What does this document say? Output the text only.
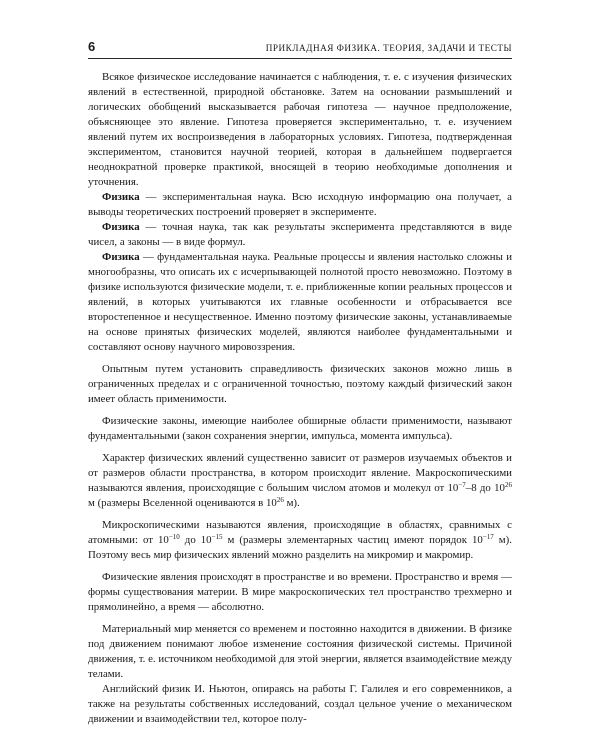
6	ПРИКЛАДНАЯ ФИЗИКА. ТЕОРИЯ, ЗАДАЧИ И ТЕСТЫ

Всякое физическое исследование начинается с наблюдения, т. е. с изучения физических явлений в естественной, природной обстановке. Затем на основании размышлений и логических обобщений высказывается рабочая гипотеза — научное предположение, объясняющее это явление. Гипотеза проверяется экспериментально, т. е. изучением явлений путем их воспроизведения в лабораторных условиях. Гипотеза, подтвержденная экспериментом, становится научной теорией, которая в дальнейшем подвергается неоднократной проверке практикой, вносящей в теорию необходимые дополнения и уточнения.

Физика — экспериментальная наука. Всю исходную информацию она получает, а выводы теоретических построений проверяет в эксперименте.

Физика — точная наука, так как результаты эксперимента представляются в виде чисел, а законы — в виде формул.

Физика — фундаментальная наука. Реальные процессы и явления настолько сложны и многообразны, что описать их с исчерпывающей полнотой просто невозможно. Поэтому в физике используются физические модели, т. е. приближенные копии реальных процессов и явлений, в которых учитываются их главные особенности и отбрасывается все второстепенное и несущественное. Именно поэтому физические законы, устанавливаемые на основе принятых физических моделей, являются наиболее фундаментальными и составляют основу научного мировоззрения.

Опытным путем установить справедливость физических законов можно лишь в ограниченных пределах и с ограниченной точностью, поэтому каждый физический закон имеет область применимости.

Физические законы, имеющие наиболее обширные области применимости, называют фундаментальными (закон сохранения энергии, импульса, момента импульса).

Характер физических явлений существенно зависит от размеров изучаемых объектов и от размеров области пространства, в котором происходит явление. Макроскопическими называются явления, происходящие с большим числом атомов и молекул от $10^{-7}-8$ до $10^{26}$ м (размеры Вселенной оцениваются в $10^{26}$ м).

Микроскопическими называются явления, происходящие в областях, сравнимых с атомными: от $10^{-10}$ до $10^{-15}$ м (размеры элементарных частиц имеют порядок $10^{-17}$ м). Поэтому весь мир физических явлений можно разделить на микромир и макромир.

Физические явления происходят в пространстве и во времени. Пространство и время — формы существования материи. В мире макроскопических тел пространство трехмерно и прямолинейно, а время — абсолютно.

Материальный мир меняется со временем и постоянно находится в движении. В физике под движением понимают любое изменение состояния физической системы. Причиной движения, т. е. источником необходимой для этой энергии, является взаимодействие между телами.

Английский физик И. Ньютон, опираясь на работы Г. Галилея и его современников, а также на результаты собственных исследований, создал цельное учение о механическом движении и взаимодействии тел, которое полу-
